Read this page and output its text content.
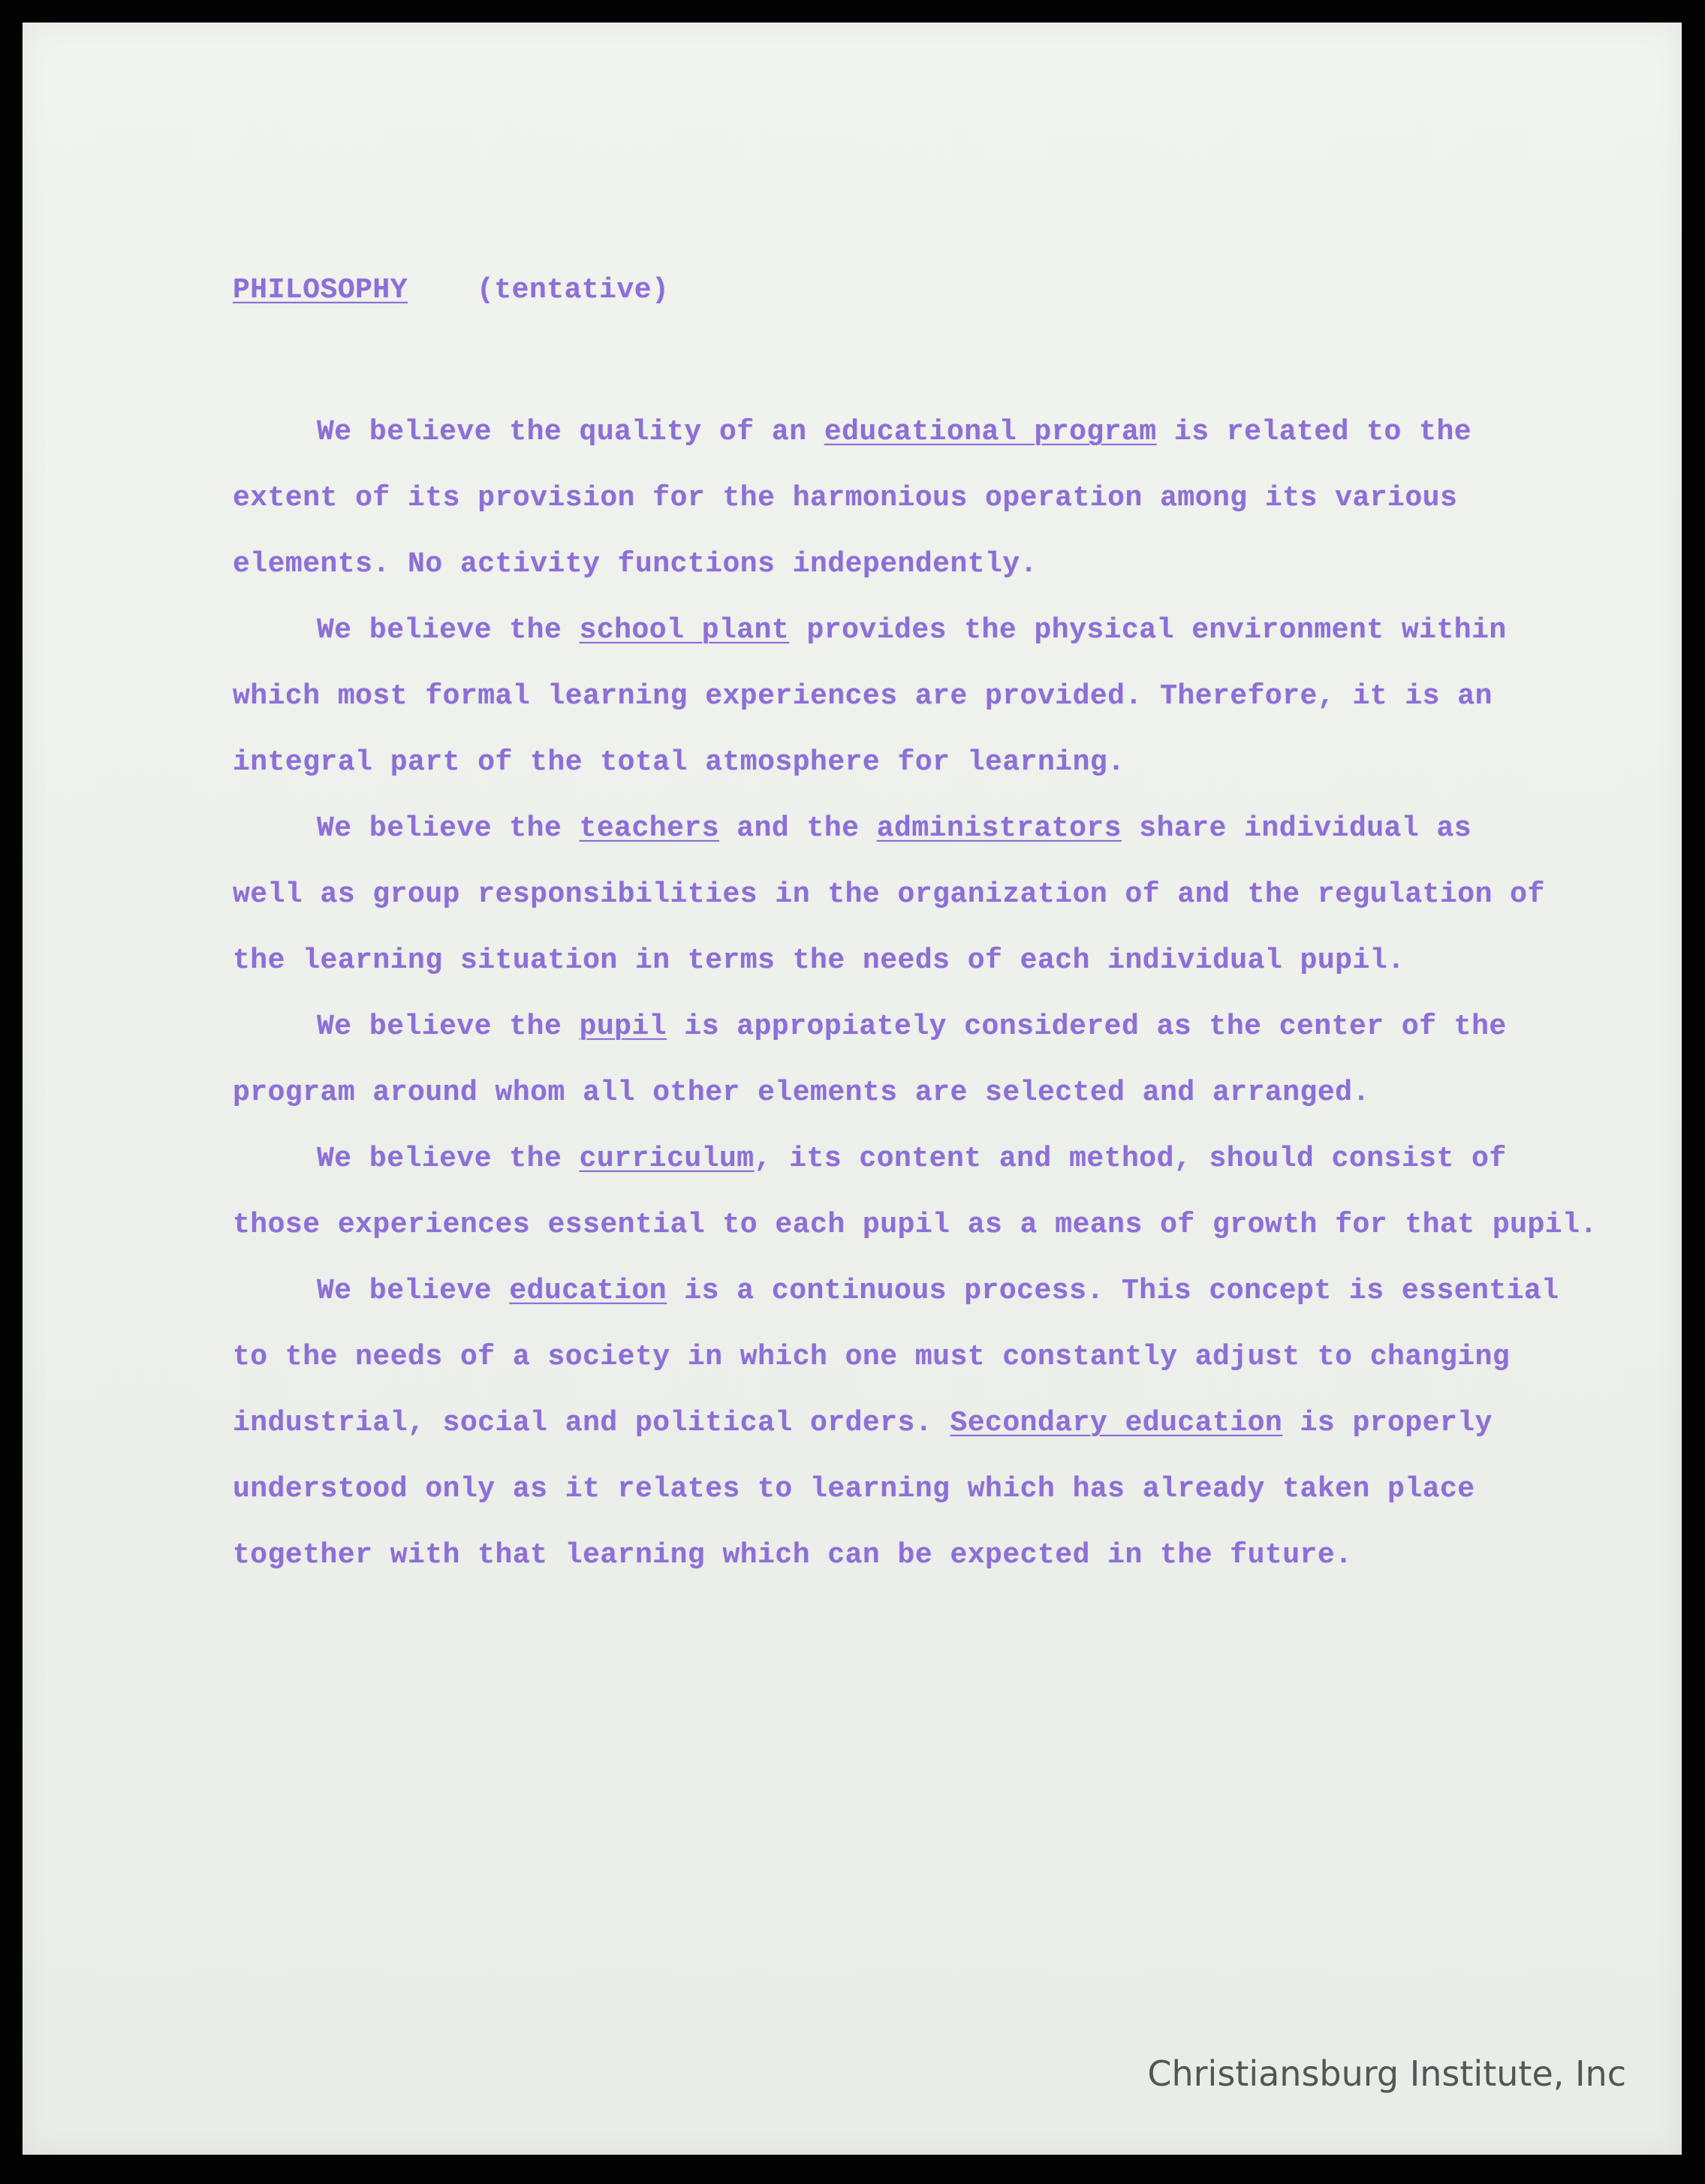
PHILOSOPHY (tentative)

We believe the quality of an educational program is related to the
extent of its provision for the harmonious operation among its various
elements. No activity functions independently.

We believe the school plant provides the physical environment within
which most formal learning experiences are provided. Therefore, it is an
integral part of the total atmosphere for learning.

We believe the teachers and the administrators share individual as
well as group responsibilities in the organization of and the regulation of
the learning situation in terms the needs of each individual pupil.

We believe the pupil is appropiately considered as the center of the
program around whom all other elements are selected and arranged.

We believe the curriculum, its content and method, should consist of
those experiences essential to each pupil as a means of growth for that pupil.

We believe education is a continuous process. This concept is essential
to the needs of a society in which one must constantly adjust to changing
industrial, social and political orders. Secondary education is properly
understood only as it relates to learning which has already taken place
together with that learning which can be expected in the future.

Christiansburg Institute, Inc
